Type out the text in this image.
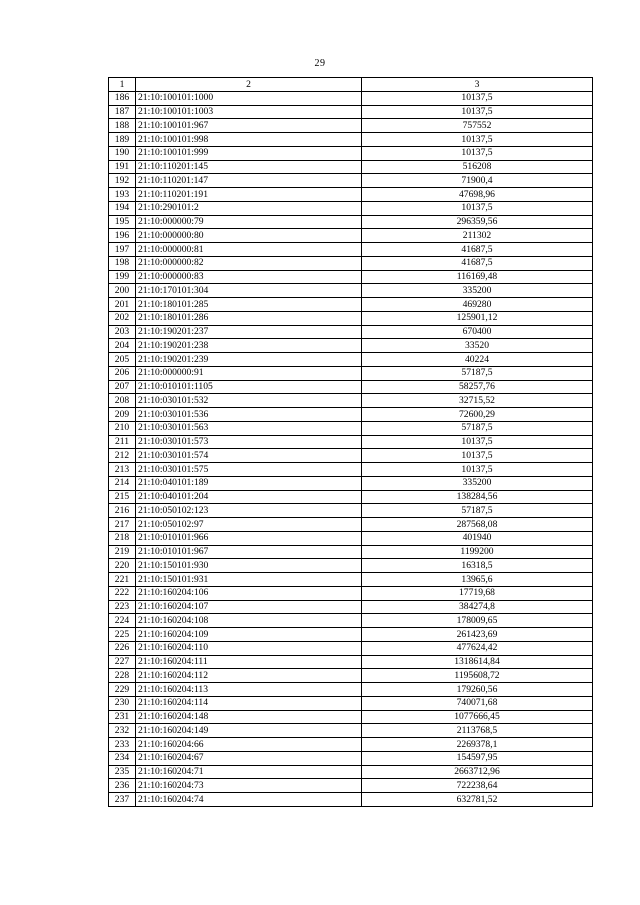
29
1	2	3
186	21:10:100101:1000	10137,5
187	21:10:100101:1003	10137,5
188	21:10:100101:967	757552
189	21:10:100101:998	10137,5
190	21:10:100101:999	10137,5
191	21:10:110201:145	516208
192	21:10:110201:147	71900,4
193	21:10:110201:191	47698,96
194	21:10:290101:2	10137,5
195	21:10:000000:79	296359,56
196	21:10:000000:80	211302
197	21:10:000000:81	41687,5
198	21:10:000000:82	41687,5
199	21:10:000000:83	116169,48
200	21:10:170101:304	335200
201	21:10:180101:285	469280
202	21:10:180101:286	125901,12
203	21:10:190201:237	670400
204	21:10:190201:238	33520
205	21:10:190201:239	40224
206	21:10:000000:91	57187,5
207	21:10:010101:1105	58257,76
208	21:10:030101:532	32715,52
209	21:10:030101:536	72600,29
210	21:10:030101:563	57187,5
211	21:10:030101:573	10137,5
212	21:10:030101:574	10137,5
213	21:10:030101:575	10137,5
214	21:10:040101:189	335200
215	21:10:040101:204	138284,56
216	21:10:050102:123	57187,5
217	21:10:050102:97	287568,08
218	21:10:010101:966	401940
219	21:10:010101:967	1199200
220	21:10:150101:930	16318,5
221	21:10:150101:931	13965,6
222	21:10:160204:106	17719,68
223	21:10:160204:107	384274,8
224	21:10:160204:108	178009,65
225	21:10:160204:109	261423,69
226	21:10:160204:110	477624,42
227	21:10:160204:111	1318614,84
228	21:10:160204:112	1195608,72
229	21:10:160204:113	179260,56
230	21:10:160204:114	740071,68
231	21:10:160204:148	1077666,45
232	21:10:160204:149	2113768,5
233	21:10:160204:66	2269378,1
234	21:10:160204:67	154597,95
235	21:10:160204:71	2663712,96
236	21:10:160204:73	722238,64
237	21:10:160204:74	632781,52
